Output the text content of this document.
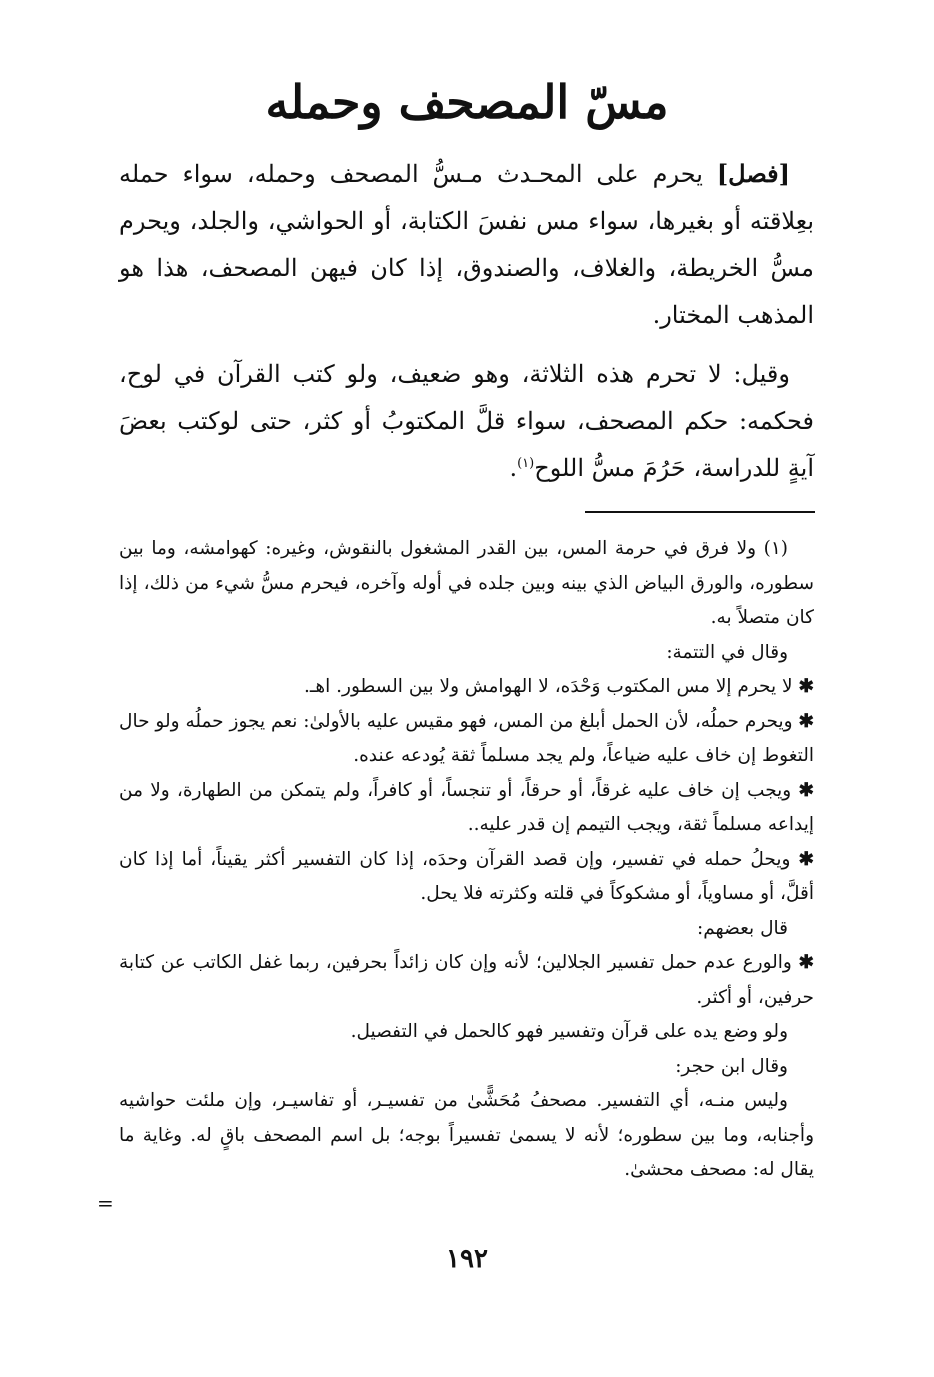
مسّ المصحف وحمله

[فصل] يحرم على المحـدث مـسُّ المصحف وحمله، سواء حمله بعِلاقته أو بغيرها، سواء مس نفسَ الكتابة، أو الحواشي، والجلد، ويحرم مسُّ الخريطة، والغلاف، والصندوق، إذا كان فيهن المصحف، هذا هو المذهب المختار.

وقيل: لا تحرم هذه الثلاثة، وهو ضعيف، ولو كتب القرآن في لوح، فحكمه: حكم المصحف، سواء قلَّ المكتوبُ أو كثر، حتى لوكتب بعضَ آيةٍ للدراسة، حَرُمَ مسُّ اللوح$^{(١)}$.

(١) ولا فرق في حرمة المس، بين القدر المشغول بالنقوش، وغيره: كهوامشه، وما بين سطوره، والورق البياض الذي بينه وبين جلده في أوله وآخره، فيحرم مسُّ شيء من ذلك، إذا كان متصلاً به.

وقال في التتمة:

✱ لا يحرم إلا مس المكتوب وَحْدَه، لا الهوامش ولا بين السطور. اهـ.

✱ ويحرم حملُه، لأن الحمل أبلغ من المس، فهو مقيس عليه بالأولىٰ: نعم يجوز حملُه ولو حال التغوط إن خاف عليه ضياعاً، ولم يجد مسلماً ثقة يُودعه عنده.

✱ ويجب إن خاف عليه غرقاً، أو حرقاً، أو تنجساً، أو كافراً، ولم يتمكن من الطهارة، ولا من إيداعه مسلماً ثقة، ويجب التيمم إن قدر عليه..

✱ ويحلُ حمله في تفسير، وإن قصد القرآن وحدَه، إذا كان التفسير أكثر يقيناً، أما إذا كان أقلَّ، أو مساوياً، أو مشكوكاً في قلته وكثرته فلا يحل.

قال بعضهم:

✱ والورع عدم حمل تفسير الجلالين؛ لأنه وإن كان زائداً بحرفين، ربما غفل الكاتب عن كتابة حرفين، أو أكثر.

ولو وضع يده على قرآن وتفسير فهو كالحمل في التفصيل.

وقال ابن حجر:

وليس منـه، أي التفسير. مصحفُ مُحَشًّىٰ من تفسيـر، أو تفاسيـر، وإن ملئت حواشيه وأجنابه، وما بين سطوره؛ لأنه لا يسمىٰ تفسيراً بوجه؛ بل اسم المصحف باقٍ له. وغاية ما يقال له: مصحف محشىٰ.

=
١٩٢
